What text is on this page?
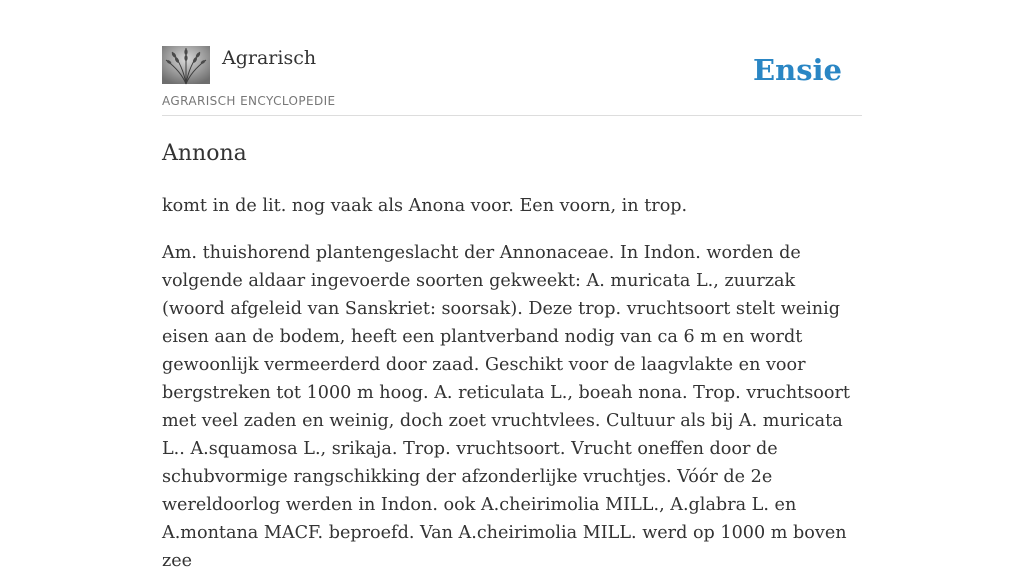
Agrarisch
AGRARISCH ENCYCLOPEDIE
Ensie
Annona

komt in de lit. nog vaak als Anona voor. Een voorn, in trop.

Am. thuishorend plantengeslacht der Annonaceae. In Indon. worden de volgende aldaar ingevoerde soorten gekweekt: A. muricata L., zuurzak (woord afgeleid van Sanskriet: soorsak). Deze trop. vruchtsoort stelt weinig eisen aan de bodem, heeft een plantverband nodig van ca 6 m en wordt gewoonlijk vermeerderd door zaad. Geschikt voor de laagvlakte en voor bergstreken tot 1000 m hoog. A. reticulata L., boeah nona. Trop. vruchtsoort met veel zaden en weinig, doch zoet vruchtvlees. Cultuur als bij A. muricata L.. A.squamosa L., srikaja. Trop. vruchtsoort. Vrucht oneffen door de schubvormige rangschikking der afzonderlijke vruchtjes. Vóór de 2e wereldoorlog werden in Indon. ook A.cheirimolia MILL., A.glabra L. en A.montana MACF. beproefd. Van A.cheirimolia MILL. werd op 1000 m boven zee
